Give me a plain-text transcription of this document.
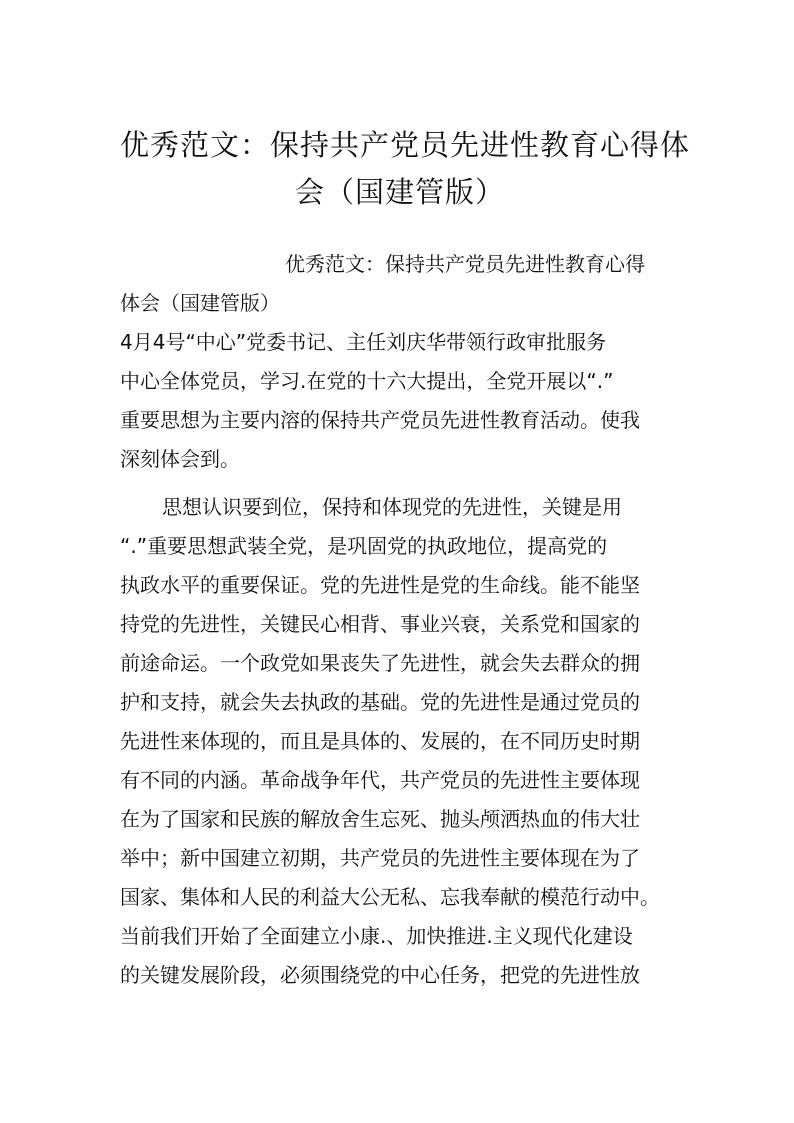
优秀范文：保持共产党员先进性教育心得体
会（国建管版）
优秀范文：保持共产党员先进性教育心得
体会（国建管版）
4月4号“中心”党委书记、主任刘庆华带领行政审批服务
中心全体党员，学习.在党的十六大提出，全党开展以“.”
重要思想为主要内溶的保持共产党员先进性教育活动。使我
深刻体会到。
思想认识要到位，保持和体现党的先进性，关键是用
“.”重要思想武装全党，是巩固党的执政地位，提高党的
执政水平的重要保证。党的先进性是党的生命线。能不能坚
持党的先进性，关键民心相背、事业兴衰，关系党和国家的
前途命运。一个政党如果丧失了先进性，就会失去群众的拥
护和支持，就会失去执政的基础。党的先进性是通过党员的
先进性来体现的，而且是具体的、发展的，在不同历史时期
有不同的内涵。革命战争年代，共产党员的先进性主要体现
在为了国家和民族的解放舍生忘死、抛头颅洒热血的伟大壮
举中；新中国建立初期，共产党员的先进性主要体现在为了
国家、集体和人民的利益大公无私、忘我奉献的模范行动中。
当前我们开始了全面建立小康.、加快推进.主义现代化建设
的关键发展阶段，必须围绕党的中心任务，把党的先进性放
